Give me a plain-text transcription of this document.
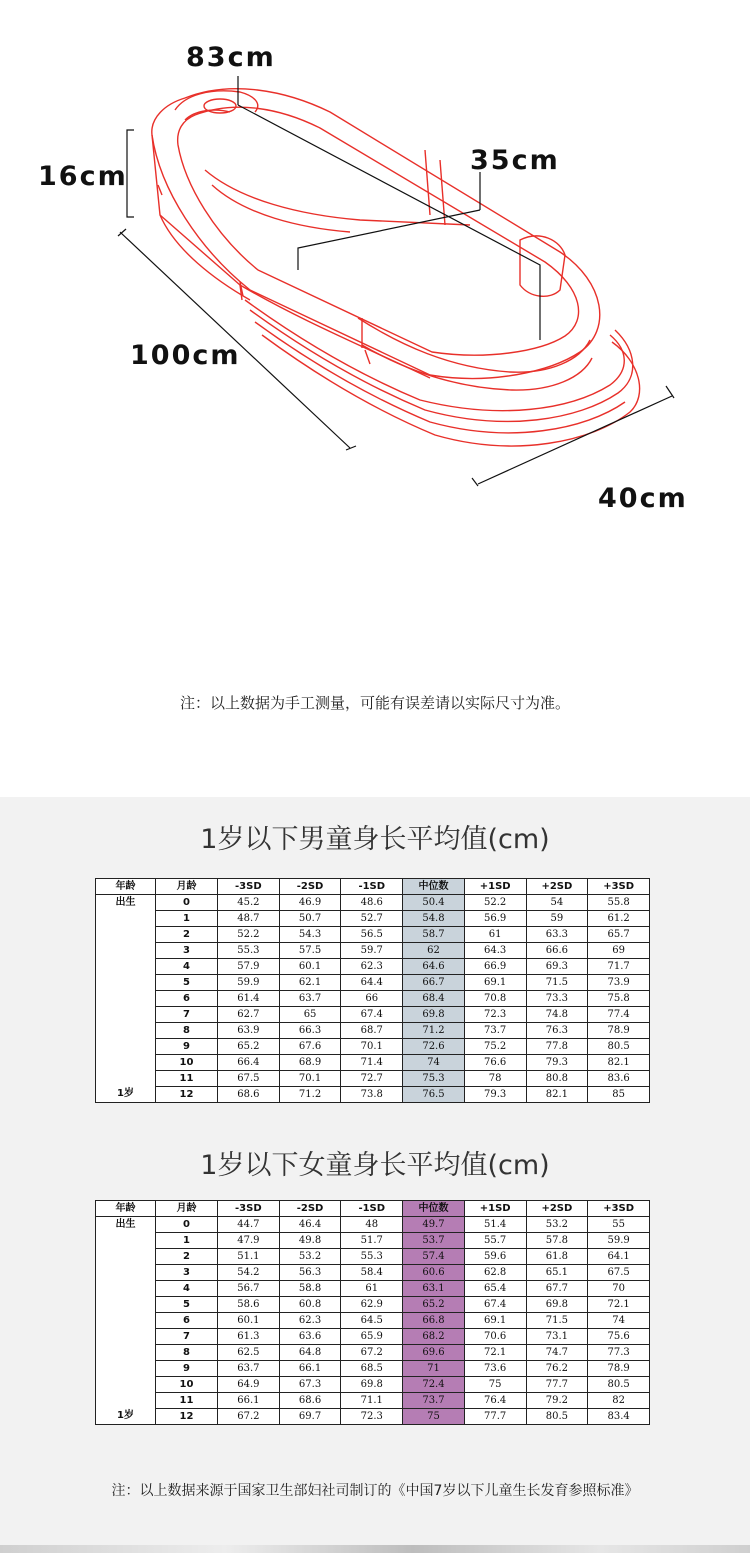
83cm
35cm
16cm
100cm
40cm
注：以上数据为手工测量，可能有误差请以实际尺寸为准。
1岁以下男童身长平均值(cm)
年龄	月龄	-3SD	-2SD	-1SD	中位数	+1SD	+2SD	+3SD
出生	0	45.2	46.9	48.6	50.4	52.2	54	55.8
	1	48.7	50.7	52.7	54.8	56.9	59	61.2
	2	52.2	54.3	56.5	58.7	61	63.3	65.7
	3	55.3	57.5	59.7	62	64.3	66.6	69
	4	57.9	60.1	62.3	64.6	66.9	69.3	71.7
	5	59.9	62.1	64.4	66.7	69.1	71.5	73.9
	6	61.4	63.7	66	68.4	70.8	73.3	75.8
	7	62.7	65	67.4	69.8	72.3	74.8	77.4
	8	63.9	66.3	68.7	71.2	73.7	76.3	78.9
	9	65.2	67.6	70.1	72.6	75.2	77.8	80.5
	10	66.4	68.9	71.4	74	76.6	79.3	82.1
	11	67.5	70.1	72.7	75.3	78	80.8	83.6
1岁	12	68.6	71.2	73.8	76.5	79.3	82.1	85
1岁以下女童身长平均值(cm)
年龄	月龄	-3SD	-2SD	-1SD	中位数	+1SD	+2SD	+3SD
出生	0	44.7	46.4	48	49.7	51.4	53.2	55
	1	47.9	49.8	51.7	53.7	55.7	57.8	59.9
	2	51.1	53.2	55.3	57.4	59.6	61.8	64.1
	3	54.2	56.3	58.4	60.6	62.8	65.1	67.5
	4	56.7	58.8	61	63.1	65.4	67.7	70
	5	58.6	60.8	62.9	65.2	67.4	69.8	72.1
	6	60.1	62.3	64.5	66.8	69.1	71.5	74
	7	61.3	63.6	65.9	68.2	70.6	73.1	75.6
	8	62.5	64.8	67.2	69.6	72.1	74.7	77.3
	9	63.7	66.1	68.5	71	73.6	76.2	78.9
	10	64.9	67.3	69.8	72.4	75	77.7	80.5
	11	66.1	68.6	71.1	73.7	76.4	79.2	82
1岁	12	67.2	69.7	72.3	75	77.7	80.5	83.4
注：以上数据来源于国家卫生部妇社司制订的《中国7岁以下儿童生长发育参照标准》
